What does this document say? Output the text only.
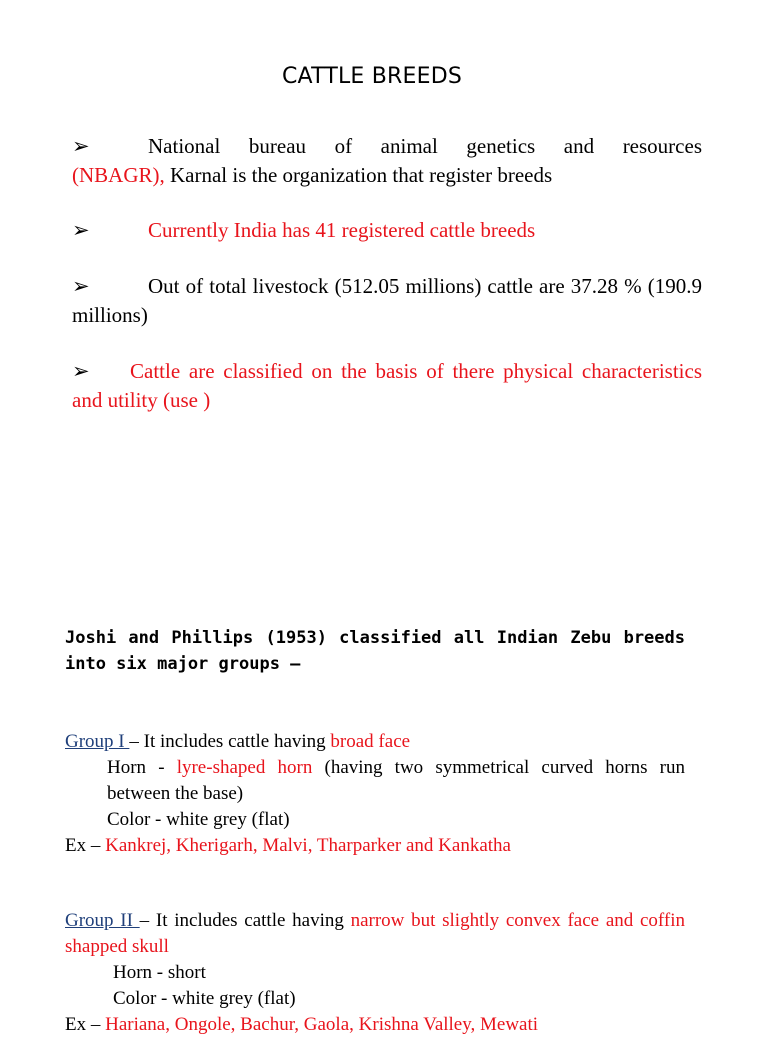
CATTLE BREEDS
➢	National bureau of animal genetics and resources
(NBAGR), Karnal is the organization that register breeds
➢	Currently India has 41 registered cattle breeds
➢	Out of total livestock (512.05 millions) cattle are 37.28 % (190.9 millions)
➢ Cattle are classified on the basis of there physical characteristics and utility (use )
Joshi and Phillips (1953) classified all Indian Zebu breeds into six major groups –
Group I – It includes cattle having broad face
Horn - lyre-shaped horn (having two symmetrical curved horns run between the base)
Color - white grey (flat)
Ex – Kankrej, Kherigarh, Malvi, Tharparker and Kankatha
Group II – It includes cattle having narrow but slightly convex face and coffin shapped skull
Horn - short
Color - white grey (flat)
Ex – Hariana, Ongole, Bachur, Gaola, Krishna Valley, Mewati
